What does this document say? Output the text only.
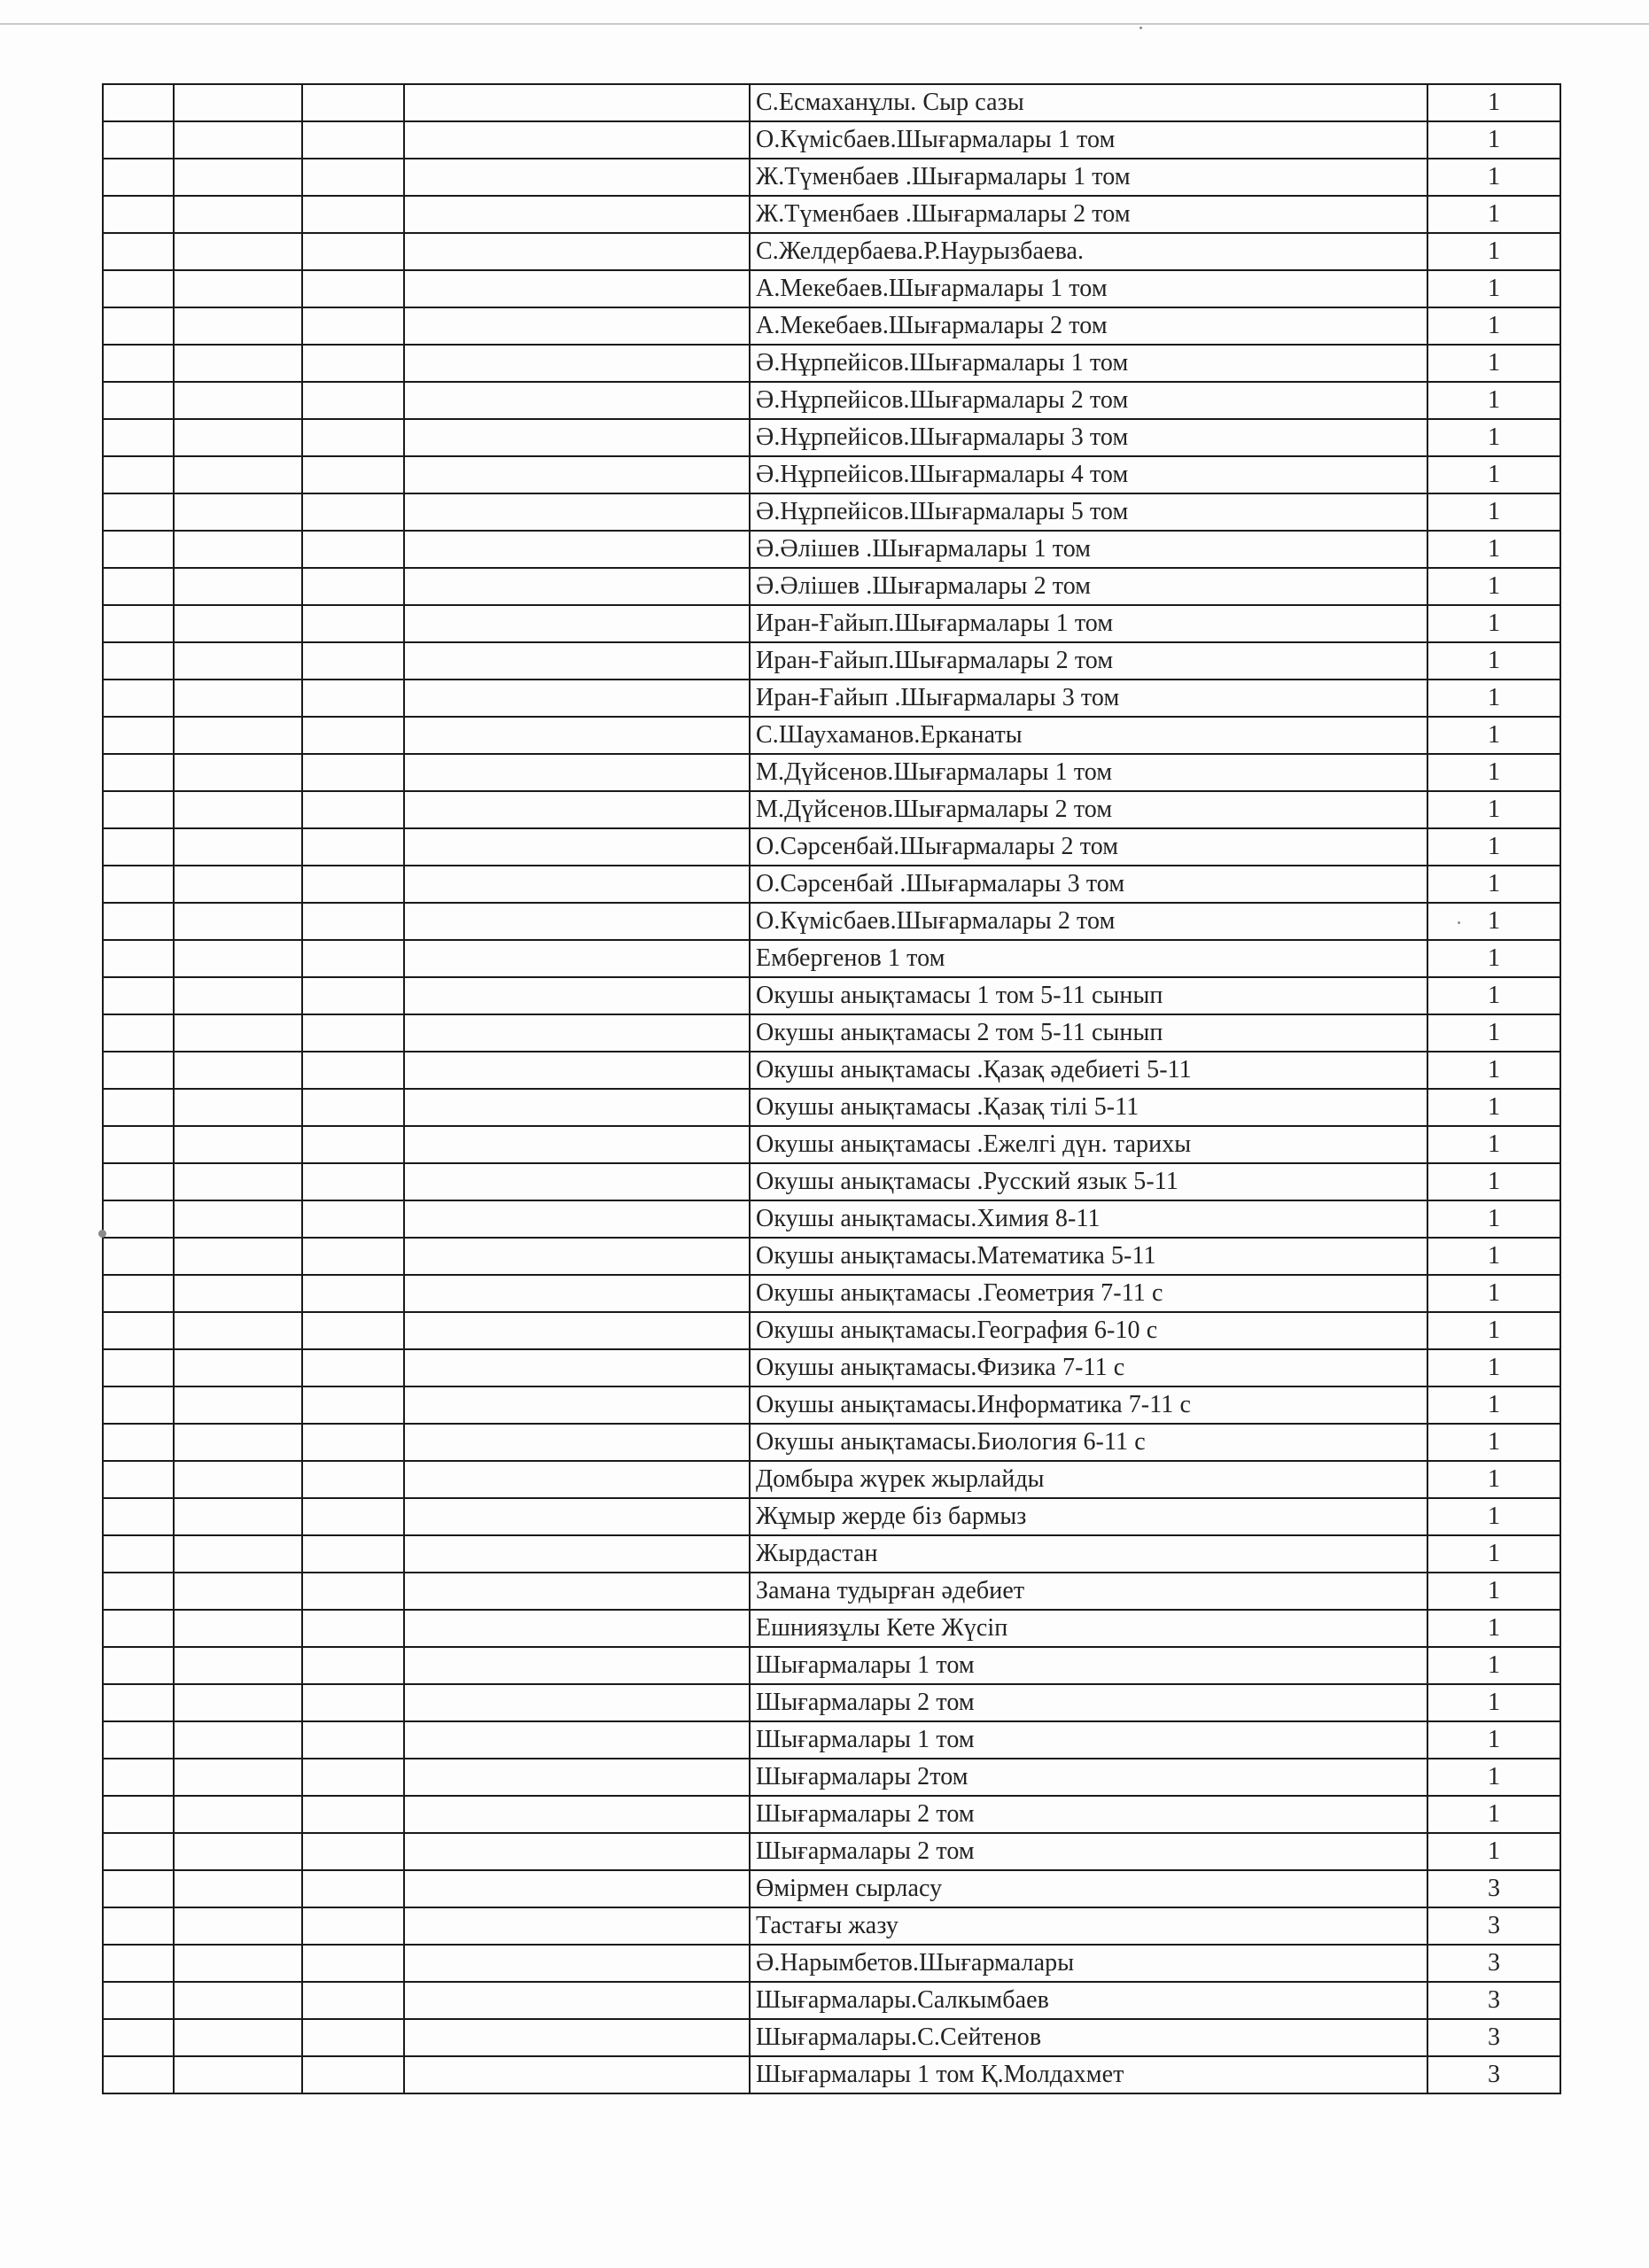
				С.Есмаханұлы. Сыр сазы	1
				О.Күмісбаев.Шығармалары 1 том	1
				Ж.Түменбаев .Шығармалары 1 том	1
				Ж.Түменбаев .Шығармалары 2 том	1
				С.Желдербаева.Р.Наурызбаева.	1
				А.Мекебаев.Шығармалары 1 том	1
				А.Мекебаев.Шығармалары 2 том	1
				Ә.Нұрпейісов.Шығармалары 1 том	1
				Ә.Нұрпейісов.Шығармалары 2 том	1
				Ә.Нұрпейісов.Шығармалары 3 том	1
				Ә.Нұрпейісов.Шығармалары 4 том	1
				Ә.Нұрпейісов.Шығармалары 5 том	1
				Ә.Әлішев .Шығармалары 1 том	1
				Ә.Әлішев .Шығармалары 2 том	1
				Иран-Ғайып.Шығармалары 1 том	1
				Иран-Ғайып.Шығармалары 2 том	1
				Иран-Ғайып .Шығармалары 3 том	1
				С.Шаухаманов.Ерканаты	1
				М.Дүйсенов.Шығармалары 1 том	1
				М.Дүйсенов.Шығармалары 2 том	1
				О.Сәрсенбай.Шығармалары 2 том	1
				О.Сәрсенбай .Шығармалары 3 том	1
				О.Күмісбаев.Шығармалары 2 том	1
				Ембергенов 1 том	1
				Окушы анықтамасы 1 том 5-11 сынып	1
				Окушы анықтамасы 2 том 5-11 сынып	1
				Окушы анықтамасы .Қазақ әдебиеті 5-11	1
				Окушы анықтамасы .Қазақ тілі 5-11	1
				Окушы анықтамасы .Ежелгі дүн. тарихы	1
				Окушы анықтамасы .Русский язык 5-11	1
				Окушы анықтамасы.Химия 8-11	1
				Окушы анықтамасы.Математика 5-11	1
				Окушы анықтамасы .Геометрия 7-11 с	1
				Окушы анықтамасы.География 6-10 с	1
				Окушы анықтамасы.Физика 7-11 с	1
				Окушы анықтамасы.Информатика 7-11 с	1
				Окушы анықтамасы.Биология 6-11 с	1
				Домбыра жүрек жырлайды	1
				Жұмыр жерде біз бармыз	1
				Жырдастан	1
				Замана тудырған әдебиет	1
				Ешниязұлы Кете Жүсіп	1
				Шығармалары 1 том	1
				Шығармалары 2 том	1
				Шығармалары 1 том	1
				Шығармалары 2том	1
				Шығармалары 2 том	1
				Шығармалары 2 том	1
				Өмірмен сырласу	3
				Тастағы жазу	3
				Ә.Нарымбетов.Шығармалары	3
				Шығармалары.Салкымбаев	3
				Шығармалары.С.Сейтенов	3
				Шығармалары 1 том Қ.Молдахмет	3
